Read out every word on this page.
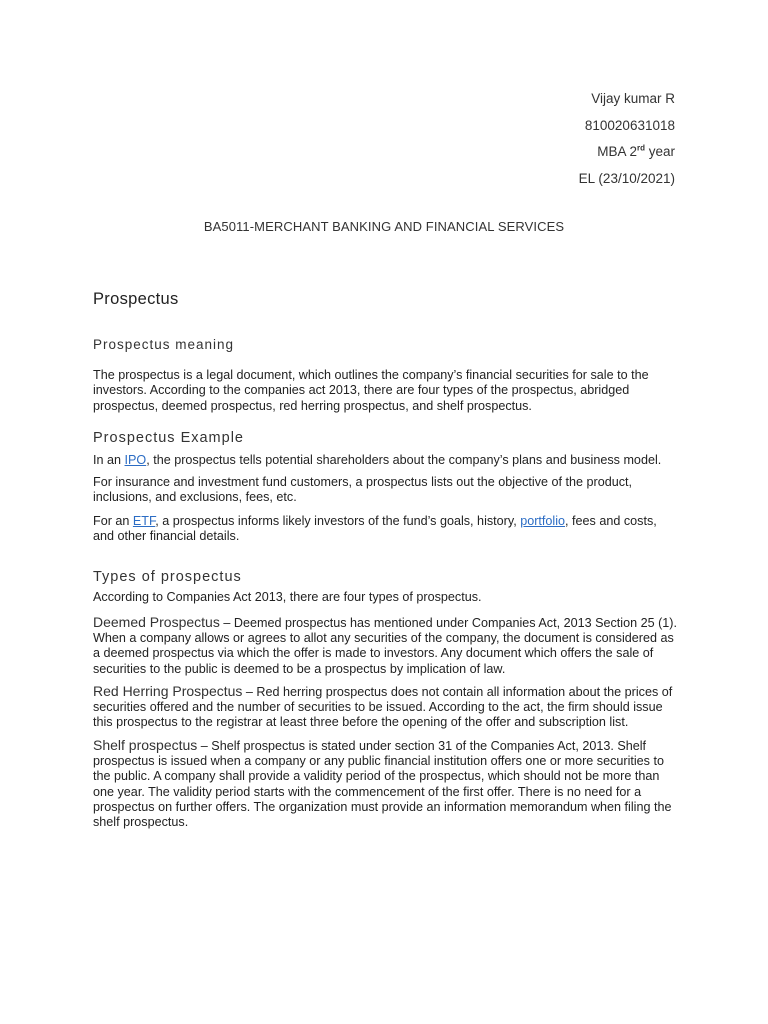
Vijay kumar R
810020631018
MBA 2rd year
EL (23/10/2021)
BA5011-MERCHANT BANKING AND FINANCIAL SERVICES
Prospectus
Prospectus meaning

The prospectus is a legal document, which outlines the company’s financial securities for sale to the investors. According to the companies act 2013, there are four types of the prospectus, abridged prospectus, deemed prospectus, red herring prospectus, and shelf prospectus.

Prospectus Example

In an IPO, the prospectus tells potential shareholders about the company’s plans and business model.

For insurance and investment fund customers, a prospectus lists out the objective of the product, inclusions, and exclusions, fees, etc.

For an ETF, a prospectus informs likely investors of the fund’s goals, history, portfolio, fees and costs, and other financial details.

Types of prospectus

According to Companies Act 2013, there are four types of prospectus.

Deemed Prospectus – Deemed prospectus has mentioned under Companies Act, 2013 Section 25 (1). When a company allows or agrees to allot any securities of the company, the document is considered as a deemed prospectus via which the offer is made to investors. Any document which offers the sale of securities to the public is deemed to be a prospectus by implication of law.

Red Herring Prospectus – Red herring prospectus does not contain all information about the prices of securities offered and the number of securities to be issued. According to the act, the firm should issue this prospectus to the registrar at least three before the opening of the offer and subscription list.

Shelf prospectus – Shelf prospectus is stated under section 31 of the Companies Act, 2013. Shelf prospectus is issued when a company or any public financial institution offers one or more securities to the public. A company shall provide a validity period of the prospectus, which should not be more than one year. The validity period starts with the commencement of the first offer. There is no need for a prospectus on further offers. The organization must provide an information memorandum when filing the shelf prospectus.
